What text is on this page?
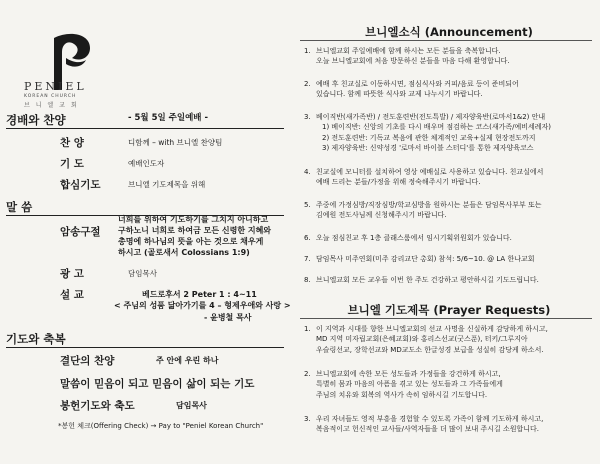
PENIEL
KOREAN CHURCH
브 니 엘 교 회
경배와 찬양	- 5월 5일 주일예배 -
찬 양	디함께 – with 브니엘 찬양팀
기 도	예배인도자
합심기도	브니엘 기도제목을 위해
말 씀
암송구절
너희를 위하여 기도하기를 그치지 아니하고
구하노니 너희로 하여금 모든 신령한 지혜와
총명에 하나님의 뜻을 아는 것으로 채우게
하시고 (골로새서 Colossians 1:9)
광 고	담임목사
설 교	베드로후서 2 Peter 1 : 4~11
< 주님의 성품 닮아가기를 4 – 형제우애와 사랑 >
- 윤병철 목사
기도와 축복
결단의 찬양	주 안에 우린 하나
말씀이 믿음이 되고 믿음이 삶이 되는 기도
봉헌기도와 축도	담임목사
*봉헌 체크(Offering Check) → Pay to "Peniel Korean Church"
브니엘소식 (Announcement)
1. 브니엘교회 주일예배에 함께 하시는 모든 분들을 축복합니다.
오늘 브니엘교회에 처음 방문하신 분들을 마음 다해 환영합니다.
2. 예배 후 친교실로 이동하시면, 점심식사와 커피/음료 등이 준비되어
있습니다. 함께 따뜻한 식사와 교제 나누시기 바랍니다.
3. 베이직반(새가족반) / 전도훈련반(전도특발) / 제자양육반(로마서1&2) 안내
1) 베이직반: 신앙의 기초를 다시 배우며 점검하는 코스(새가족/예비세례자)
2) 전도훈련반: 기독교 복음에 관한 체계적인 교육+실제 현장전도까지
3) 제자양육반: 신약성경 '로마서 바이블 스터디'를 통한 제자양육코스
4. 친교실에 모니터를 설치하여 영상 예배실로 사용하고 있습니다. 친교실에서
예배 드리는 분들/가정을 위해 정숙해주시기 바랍니다.
5. 주중에 가정심방/직장심방/학교심방을 원하시는 분들은 담임목사부부 또는
김예원 전도사님께 신청해주시기 바랍니다.
6. 오늘 점심친교 후 1층 클래스룸에서 임시기획위원회가 있습니다.
7. 담임목사 미주연회(미주 감리교단 총회) 참석: 5/6~10. @ LA 한나교회
8. 브니엘교회 모든 교우들 이번 한 주도 건강하고 평안하시길 기도드립니다.
브니엘 기도제목 (Prayer Requests)
1. 이 지역과 시대를 향한 브니엘교회의 선교 사명을 신실하게 감당하게 하시고,
MD 지역 미자립교회(은혜교회)와 홍리스선교(굿스푼), 터키/그루지아
우슬링선교, 장학선교와 MD교도소 한글성경 보급을 성실히 감당케 하소서.
2. 브니엘교회에 속한 모든 성도들과 가정들을 강건하게 하시고,
특별히 몸과 마음의 아픔을 겪고 있는 성도들과 그 가족들에게
주님의 치유와 회복의 역사가 속히 임하시길 기도합니다.
3. 우리 자녀들도 영적 부흥을 경험할 수 있도록 가족이 함께 기도하게 하시고,
복음적이고 헌신적인 교사들/사역자들을 더 많이 보내 주시길 소원합니다.
